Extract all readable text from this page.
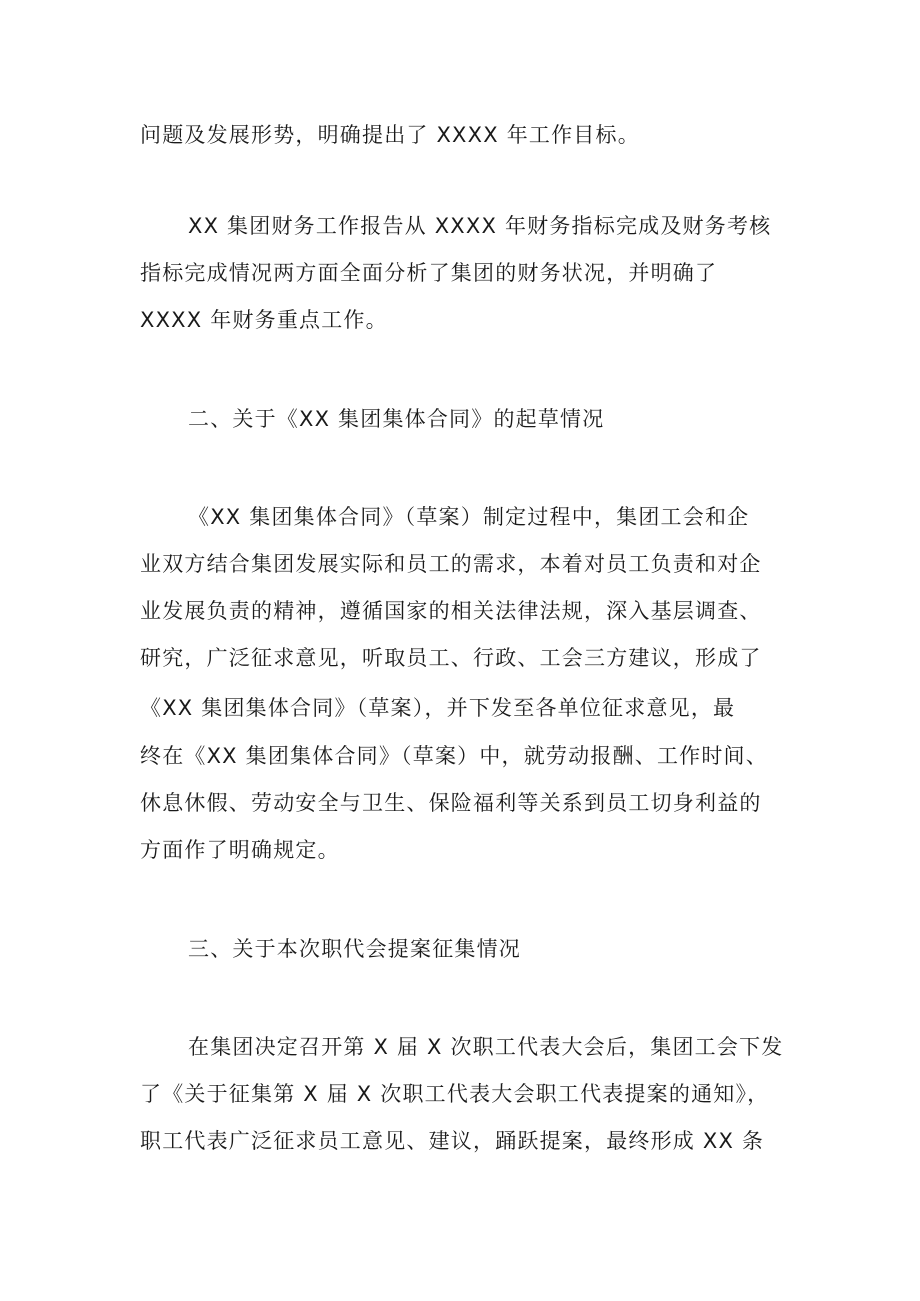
问题及发展形势，明确提出了 XXXX 年工作目标。
XX 集团财务工作报告从 XXXX 年财务指标完成及财务考核
指标完成情况两方面全面分析了集团的财务状况，并明确了
XXXX 年财务重点工作。
二、关于《XX 集团集体合同》的起草情况
《XX 集团集体合同》（草案）制定过程中，集团工会和企
业双方结合集团发展实际和员工的需求，本着对员工负责和对企
业发展负责的精神，遵循国家的相关法律法规，深入基层调查、
研究，广泛征求意见，听取员工、行政、工会三方建议，形成了
《XX 集团集体合同》（草案），并下发至各单位征求意见，最
终在《XX 集团集体合同》（草案）中，就劳动报酬、工作时间、
休息休假、劳动安全与卫生、保险福利等关系到员工切身利益的
方面作了明确规定。
三、关于本次职代会提案征集情况
在集团决定召开第 X 届 X 次职工代表大会后，集团工会下发
了《关于征集第 X 届 X 次职工代表大会职工代表提案的通知》，
职工代表广泛征求员工意见、建议，踊跃提案，最终形成 XX 条
